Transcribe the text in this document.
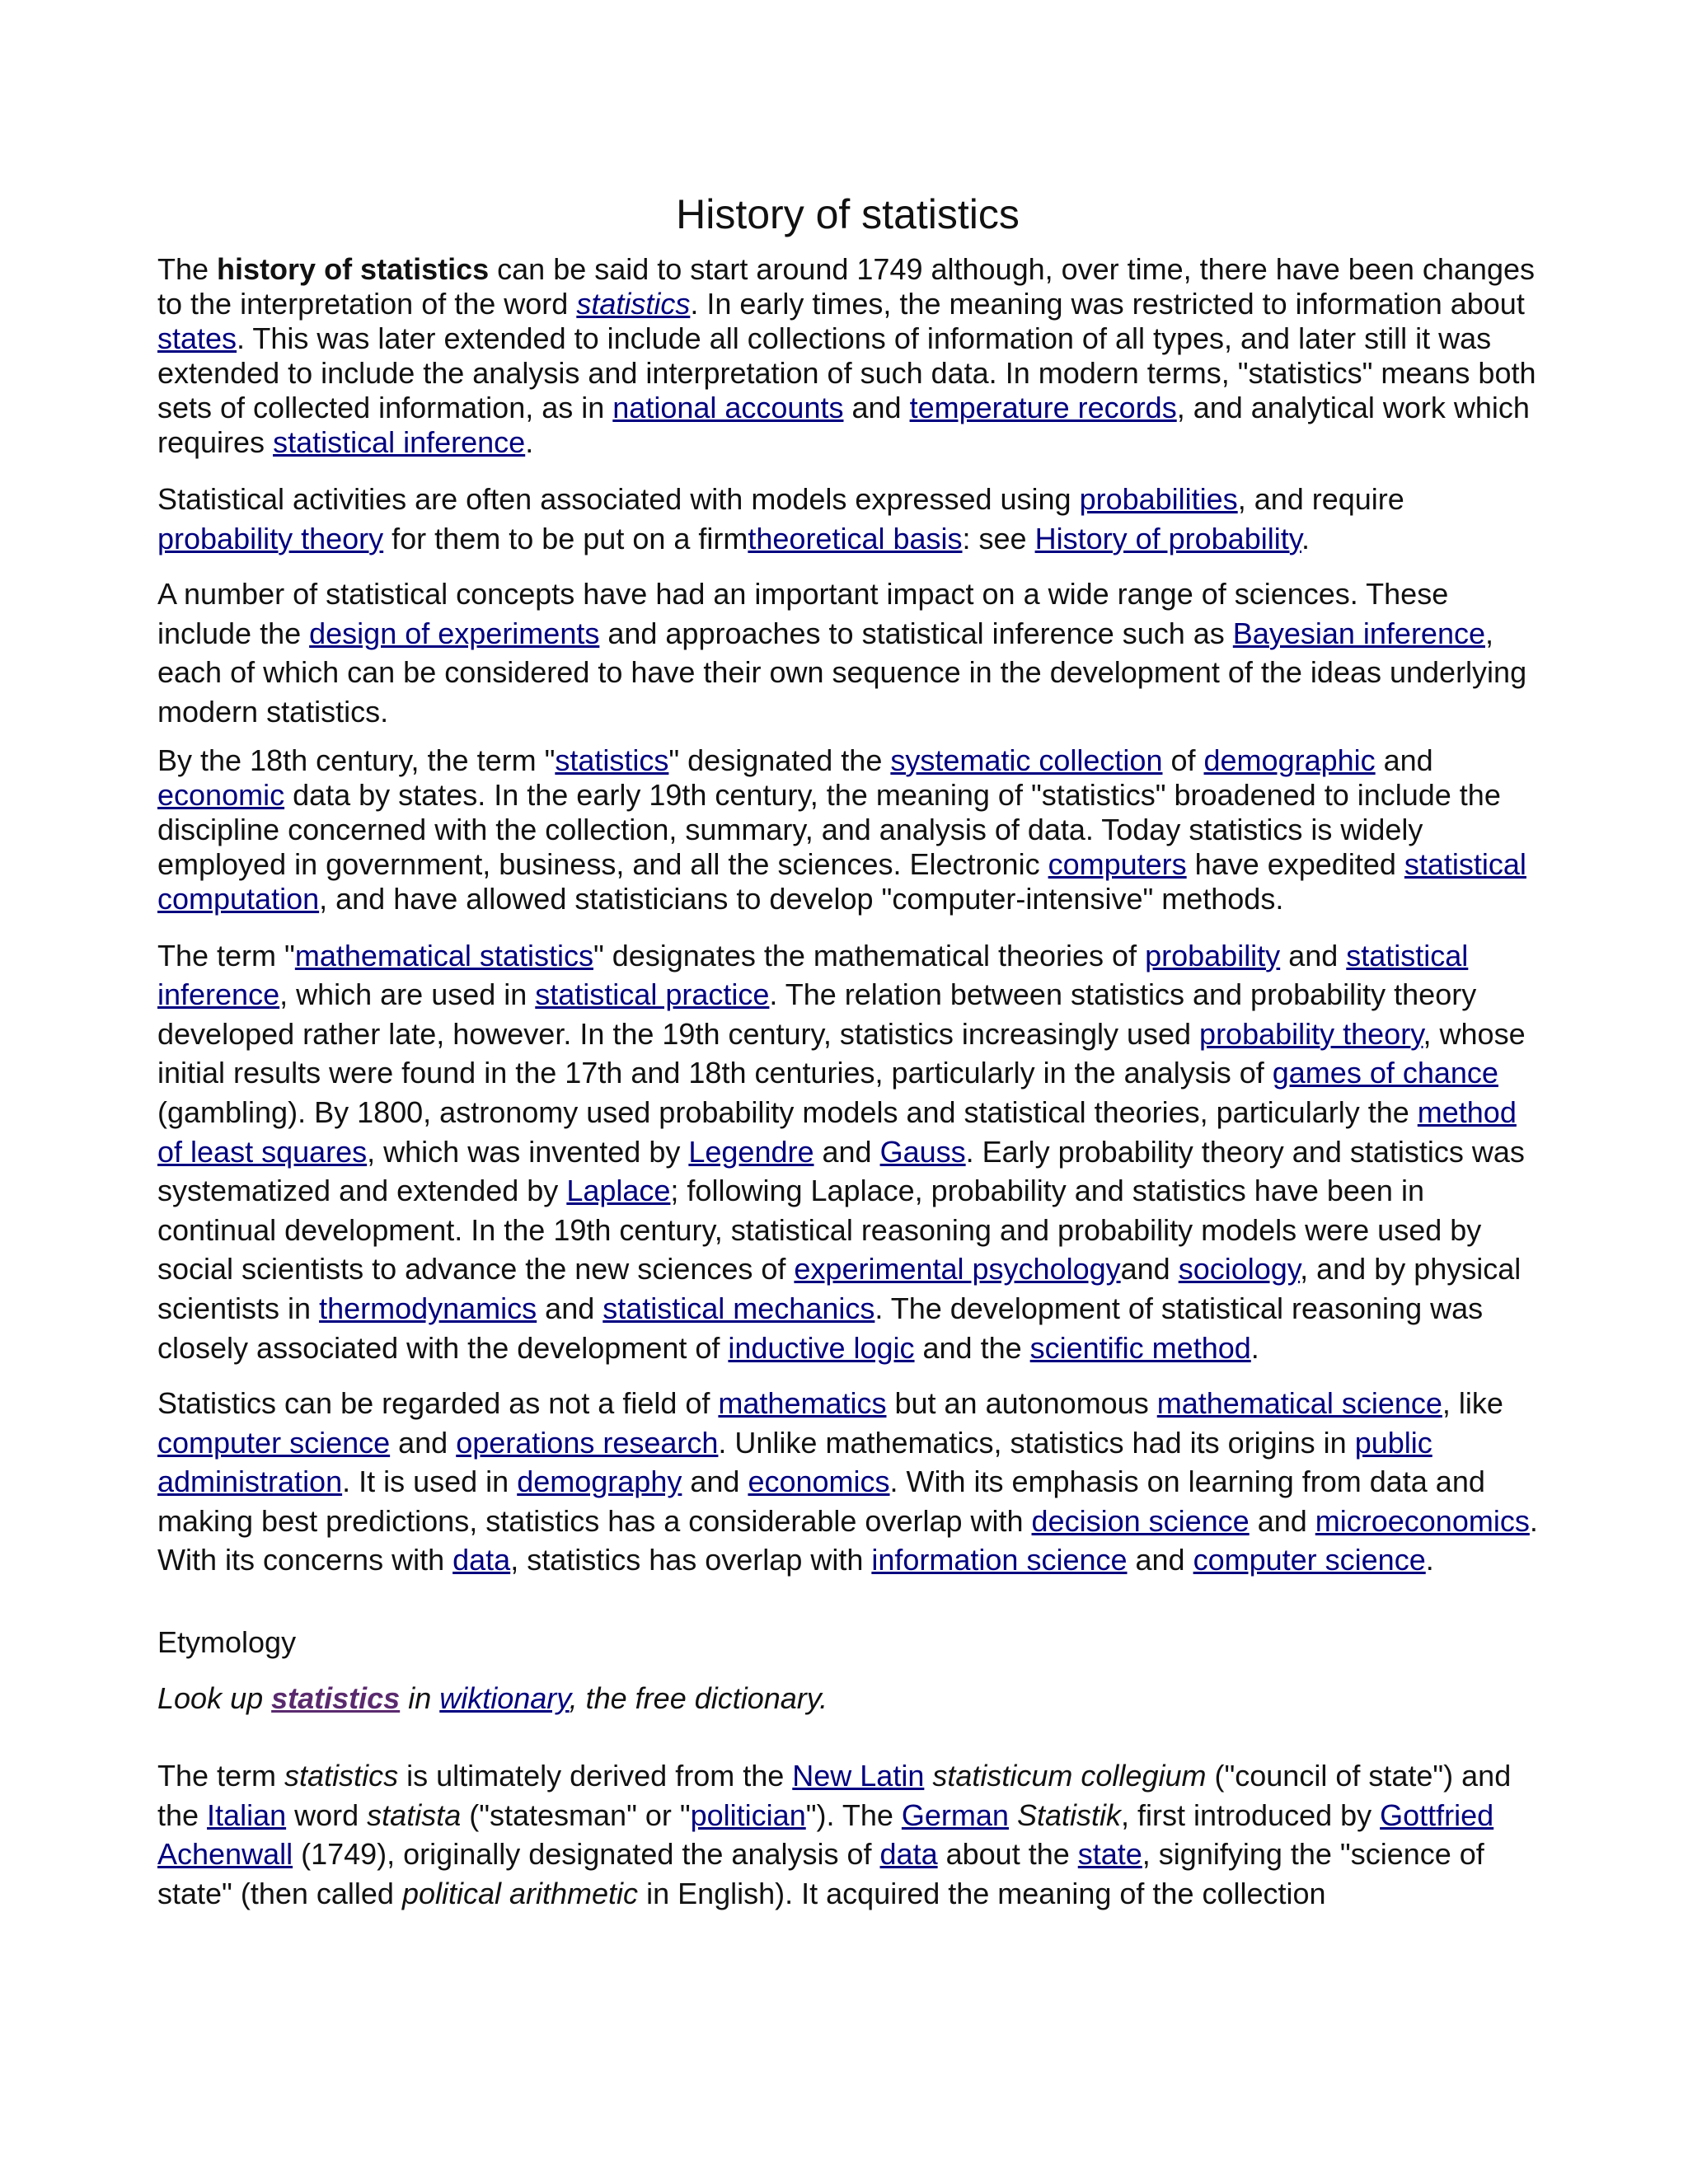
History of statistics

The history of statistics can be said to start around 1749 although, over time, there have been changes to the interpretation of the word statistics. In early times, the meaning was restricted to information about states. This was later extended to include all collections of information of all types, and later still it was extended to include the analysis and interpretation of such data. In modern terms, "statistics" means both sets of collected information, as in national accounts and temperature records, and analytical work which requires statistical inference.

Statistical activities are often associated with models expressed using probabilities, and require probability theory for them to be put on a firmtheoretical basis: see History of probability.

A number of statistical concepts have had an important impact on a wide range of sciences. These include the design of experiments and approaches to statistical inference such as Bayesian inference, each of which can be considered to have their own sequence in the development of the ideas underlying modern statistics.

By the 18th century, the term "statistics" designated the systematic collection of demographic and economic data by states. In the early 19th century, the meaning of "statistics" broadened to include the discipline concerned with the collection, summary, and analysis of data. Today statistics is widely employed in government, business, and all the sciences. Electronic computers have expedited statistical computation, and have allowed statisticians to develop "computer-intensive" methods.

The term "mathematical statistics" designates the mathematical theories of probability and statistical inference, which are used in statistical practice. The relation between statistics and probability theory developed rather late, however. In the 19th century, statistics increasingly used probability theory, whose initial results were found in the 17th and 18th centuries, particularly in the analysis of games of chance (gambling). By 1800, astronomy used probability models and statistical theories, particularly the method of least squares, which was invented by Legendre and Gauss. Early probability theory and statistics was systematized and extended by Laplace; following Laplace, probability and statistics have been in continual development. In the 19th century, statistical reasoning and probability models were used by social scientists to advance the new sciences of experimental psychologyand sociology, and by physical scientists in thermodynamics and statistical mechanics. The development of statistical reasoning was closely associated with the development of inductive logic and the scientific method.

Statistics can be regarded as not a field of mathematics but an autonomous mathematical science, like computer science and operations research. Unlike mathematics, statistics had its origins in public administration. It is used in demography and economics. With its emphasis on learning from data and making best predictions, statistics has a considerable overlap with decision science and microeconomics. With its concerns with data, statistics has overlap with information science and computer science.

Etymology

Look up statistics in wiktionary, the free dictionary.

The term statistics is ultimately derived from the New Latin statisticum collegium ("council of state") and the Italian word statista ("statesman" or "politician"). The German Statistik, first introduced by Gottfried Achenwall (1749), originally designated the analysis of data about the state, signifying the "science of state" (then called political arithmetic in English). It acquired the meaning of the collection
